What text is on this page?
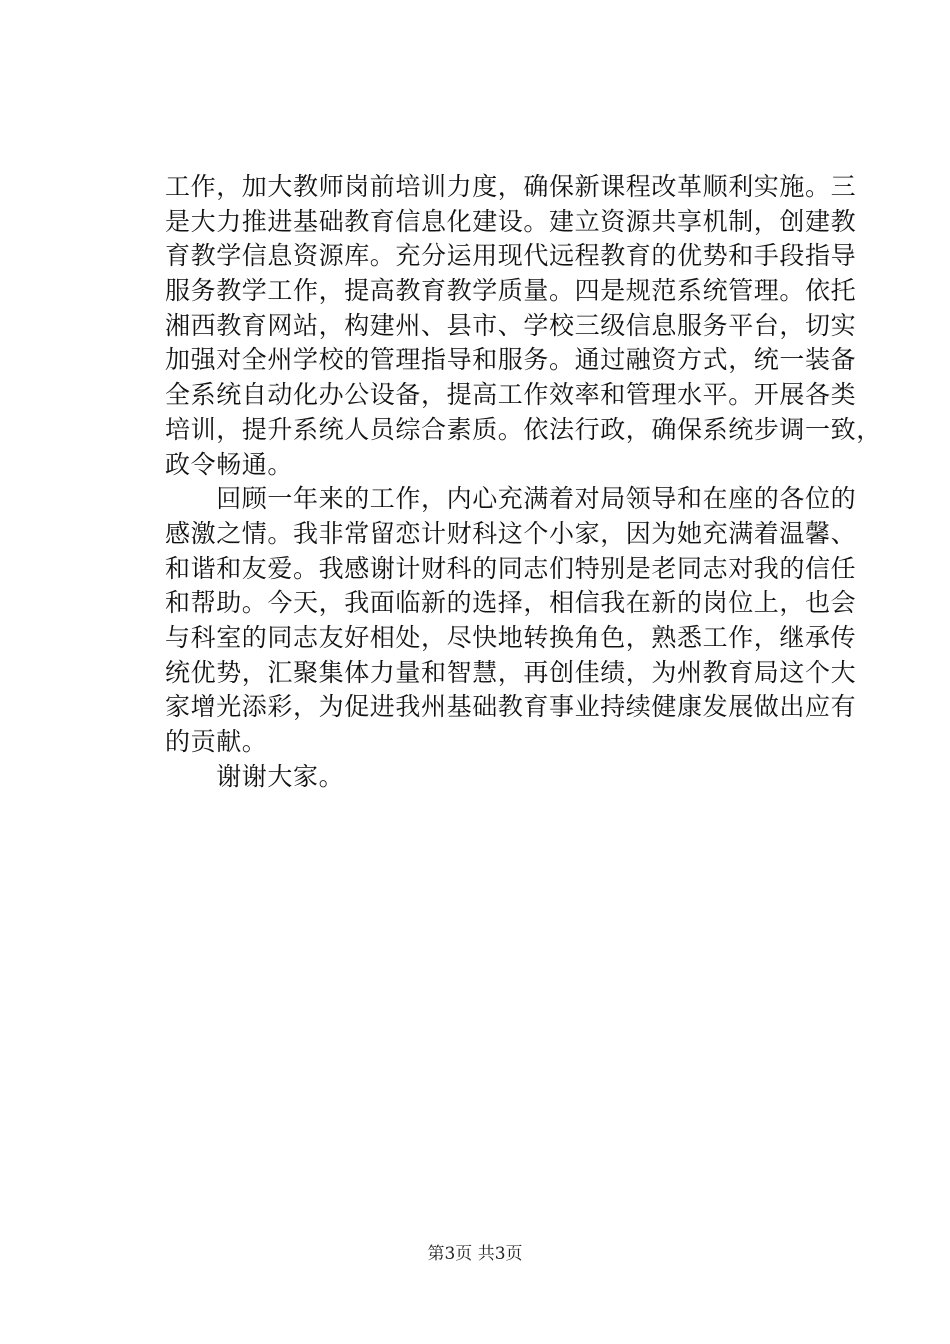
工作，加大教师岗前培训力度，确保新课程改革顺利实施。三
是大力推进基础教育信息化建设。建立资源共享机制，创建教
育教学信息资源库。充分运用现代远程教育的优势和手段指导
服务教学工作，提高教育教学质量。四是规范系统管理。依托
湘西教育网站，构建州、县市、学校三级信息服务平台，切实
加强对全州学校的管理指导和服务。通过融资方式，统一装备
全系统自动化办公设备，提高工作效率和管理水平。开展各类
培训，提升系统人员综合素质。依法行政，确保系统步调一致，
政令畅通。
　　回顾一年来的工作，内心充满着对局领导和在座的各位的
感激之情。我非常留恋计财科这个小家，因为她充满着温馨、
和谐和友爱。我感谢计财科的同志们特别是老同志对我的信任
和帮助。今天，我面临新的选择，相信我在新的岗位上，也会
与科室的同志友好相处，尽快地转换角色，熟悉工作，继承传
统优势，汇聚集体力量和智慧，再创佳绩，为州教育局这个大
家增光添彩，为促进我州基础教育事业持续健康发展做出应有
的贡献。
　　谢谢大家。
第3页 共3页
